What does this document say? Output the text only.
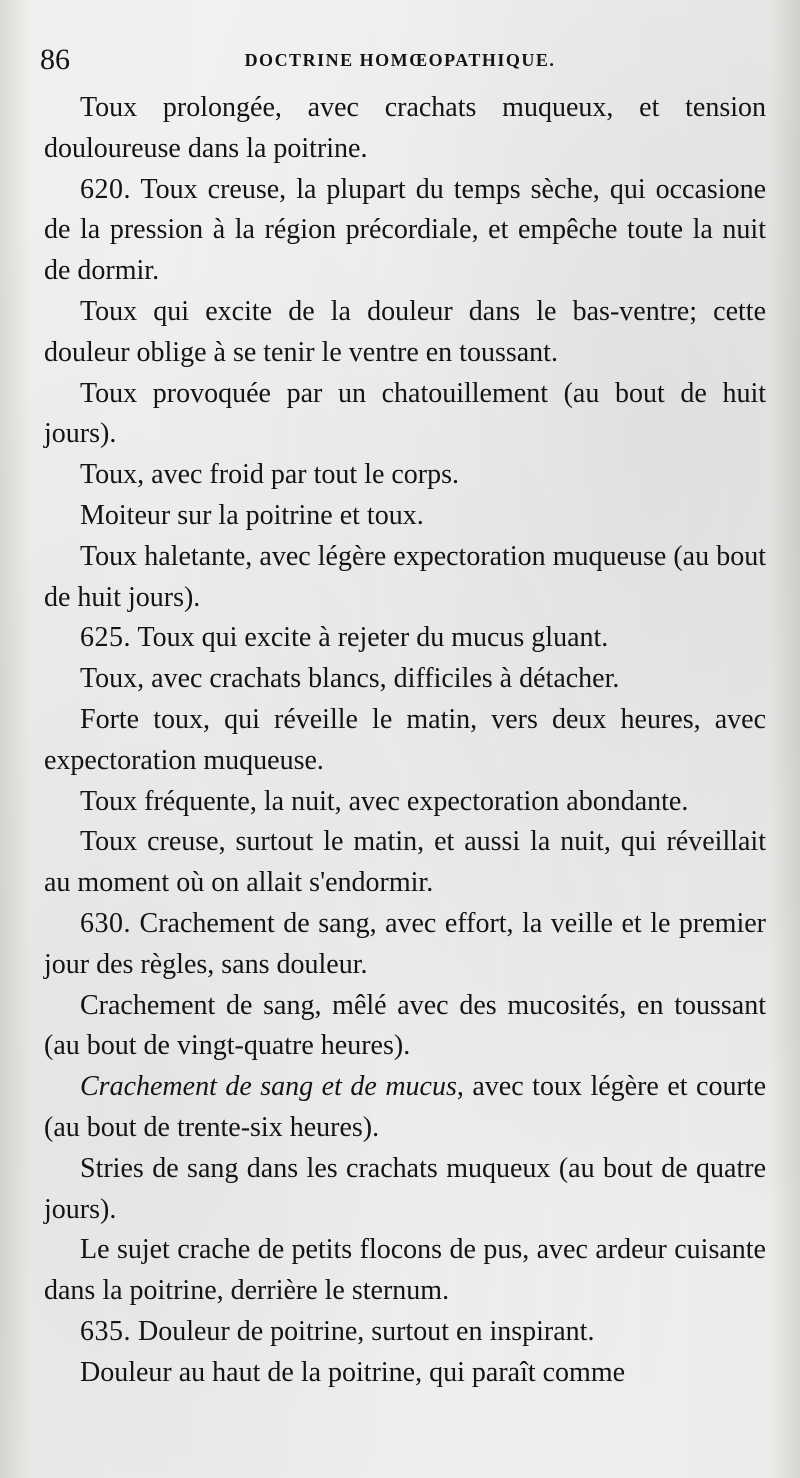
86	DOCTRINE HOMŒOPATHIQUE.

Toux prolongée, avec crachats muqueux, et tension douloureuse dans la poitrine.

620. Toux creuse, la plupart du temps sèche, qui occasione de la pression à la région précordiale, et empêche toute la nuit de dormir.

Toux qui excite de la douleur dans le bas-ventre; cette douleur oblige à se tenir le ventre en toussant.

Toux provoquée par un chatouillement (au bout de huit jours).

Toux, avec froid par tout le corps.

Moiteur sur la poitrine et toux.

Toux haletante, avec légère expectoration muqueuse (au bout de huit jours).

625. Toux qui excite à rejeter du mucus gluant.

Toux, avec crachats blancs, difficiles à détacher.

Forte toux, qui réveille le matin, vers deux heures, avec expectoration muqueuse.

Toux fréquente, la nuit, avec expectoration abondante.

Toux creuse, surtout le matin, et aussi la nuit, qui réveillait au moment où on allait s'endormir.

630. Crachement de sang, avec effort, la veille et le premier jour des règles, sans douleur.

Crachement de sang, mêlé avec des mucosités, en toussant (au bout de vingt-quatre heures).

Crachement de sang et de mucus, avec toux légère et courte (au bout de trente-six heures).

Stries de sang dans les crachats muqueux (au bout de quatre jours).

Le sujet crache de petits flocons de pus, avec ardeur cuisante dans la poitrine, derrière le sternum.

635. Douleur de poitrine, surtout en inspirant.

Douleur au haut de la poitrine, qui paraît comme
